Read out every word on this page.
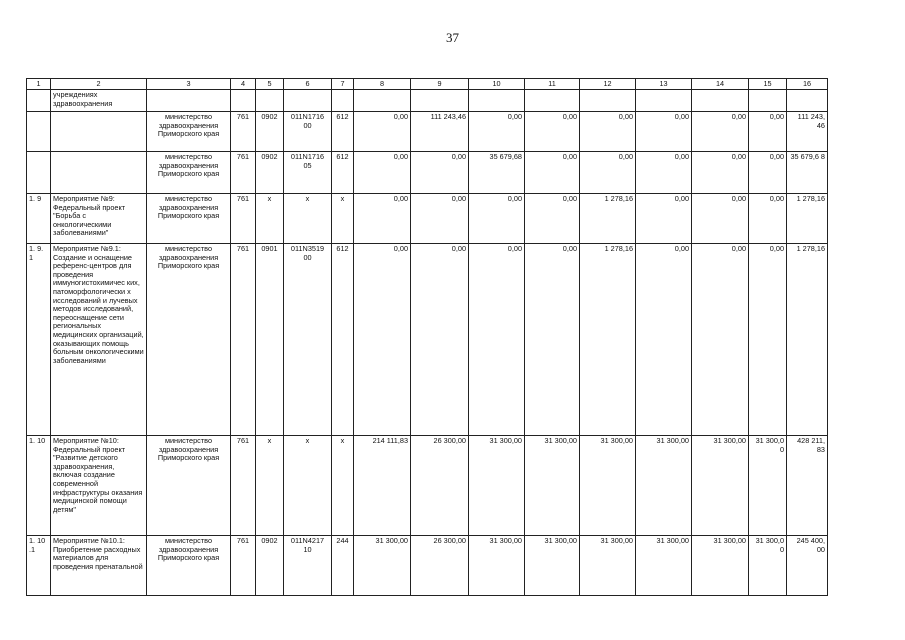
37
1	2	3	4	5	6	7	8	9	10	11	12	13	14	15	16
	учреждениях здравоохранения														
		министерство здравоохранения Приморского края	761	0902	011N1716 00	612	0,00	111 243,46	0,00	0,00	0,00	0,00	0,00	0,00	111 243, 46
		министерство здравоохранения Приморского края	761	0902	011N1716 05	612	0,00	0,00	35 679,68	0,00	0,00	0,00	0,00	0,00	35 679,6 8
1. 9	Мероприятие №9: Федеральный проект "Борьба с онкологическими заболеваниями"	министерство здравоохранения Приморского края	761	x	x	x	0,00	0,00	0,00	0,00	1 278,16	0,00	0,00	0,00	1 278,16
1. 9. 1	Мероприятие №9.1: Создание и оснащение референс-центров для проведения иммуногистохимичес ких, патоморфологически х исследований и лучевых методов исследований, переоснащение сети региональных медицинских организаций, оказывающих помощь больным онкологическими заболеваниями	министерство здравоохранения Приморского края	761	0901	011N3519 00	612	0,00	0,00	0,00	0,00	1 278,16	0,00	0,00	0,00	1 278,16
1. 10	Мероприятие №10: Федеральный проект "Развитие детского здравоохранения, включая создание современной инфраструктуры оказания медицинской помощи детям"	министерство здравоохранения Приморского края	761	x	x	x	214 111,83	26 300,00	31 300,00	31 300,00	31 300,00	31 300,00	31 300,00	31 300,0 0	428 211, 83
1. 10 .1	Мероприятие №10.1: Приобретение расходных материалов для проведения пренатальной	министерство здравоохранения Приморского края	761	0902	011N4217 10	244	31 300,00	26 300,00	31 300,00	31 300,00	31 300,00	31 300,00	31 300,00	31 300,0 0	245 400, 00
